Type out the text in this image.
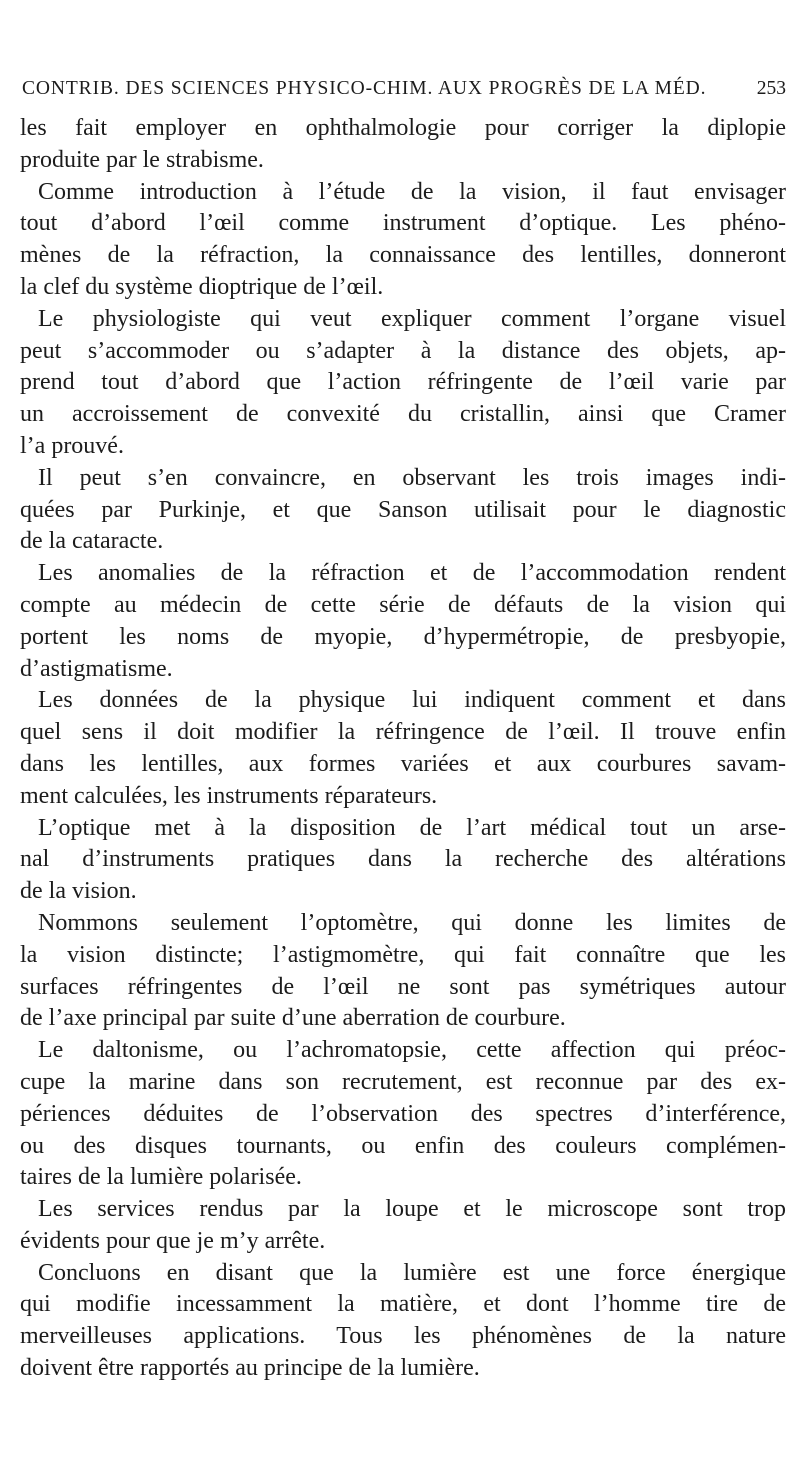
CONTRIB. DES SCIENCES PHYSICO-CHIM. AUX PROGRÈS DE LA MÉD.	253
les fait employer en ophthalmologie pour corriger la diplopie
produite par le strabisme.
Comme introduction à l’étude de la vision, il faut envisager
tout d’abord l’œil comme instrument d’optique. Les phéno-
mènes de la réfraction, la connaissance des lentilles, donneront
la clef du système dioptrique de l’œil.
Le physiologiste qui veut expliquer comment l’organe visuel
peut s’accommoder ou s’adapter à la distance des objets, ap-
prend tout d’abord que l’action réfringente de l’œil varie par
un accroissement de convexité du cristallin, ainsi que Cramer
l’a prouvé.
Il peut s’en convaincre, en observant les trois images indi-
quées par Purkinje, et que Sanson utilisait pour le diagnostic
de la cataracte.
Les anomalies de la réfraction et de l’accommodation rendent
compte au médecin de cette série de défauts de la vision qui
portent les noms de myopie, d’hypermétropie, de presbyopie,
d’astigmatisme.
Les données de la physique lui indiquent comment et dans
quel sens il doit modifier la réfringence de l’œil. Il trouve enfin
dans les lentilles, aux formes variées et aux courbures savam-
ment calculées, les instruments réparateurs.
L’optique met à la disposition de l’art médical tout un arse-
nal d’instruments pratiques dans la recherche des altérations
de la vision.
Nommons seulement l’optomètre, qui donne les limites de
la vision distincte; l’astigmomètre, qui fait connaître que les
surfaces réfringentes de l’œil ne sont pas symétriques autour
de l’axe principal par suite d’une aberration de courbure.
Le daltonisme, ou l’achromatopsie, cette affection qui préoc-
cupe la marine dans son recrutement, est reconnue par des ex-
périences déduites de l’observation des spectres d’interférence,
ou des disques tournants, ou enfin des couleurs complémen-
taires de la lumière polarisée.
Les services rendus par la loupe et le microscope sont trop
évidents pour que je m’y arrête.
Concluons en disant que la lumière est une force énergique
qui modifie incessamment la matière, et dont l’homme tire de
merveilleuses applications. Tous les phénomènes de la nature
doivent être rapportés au principe de la lumière.
